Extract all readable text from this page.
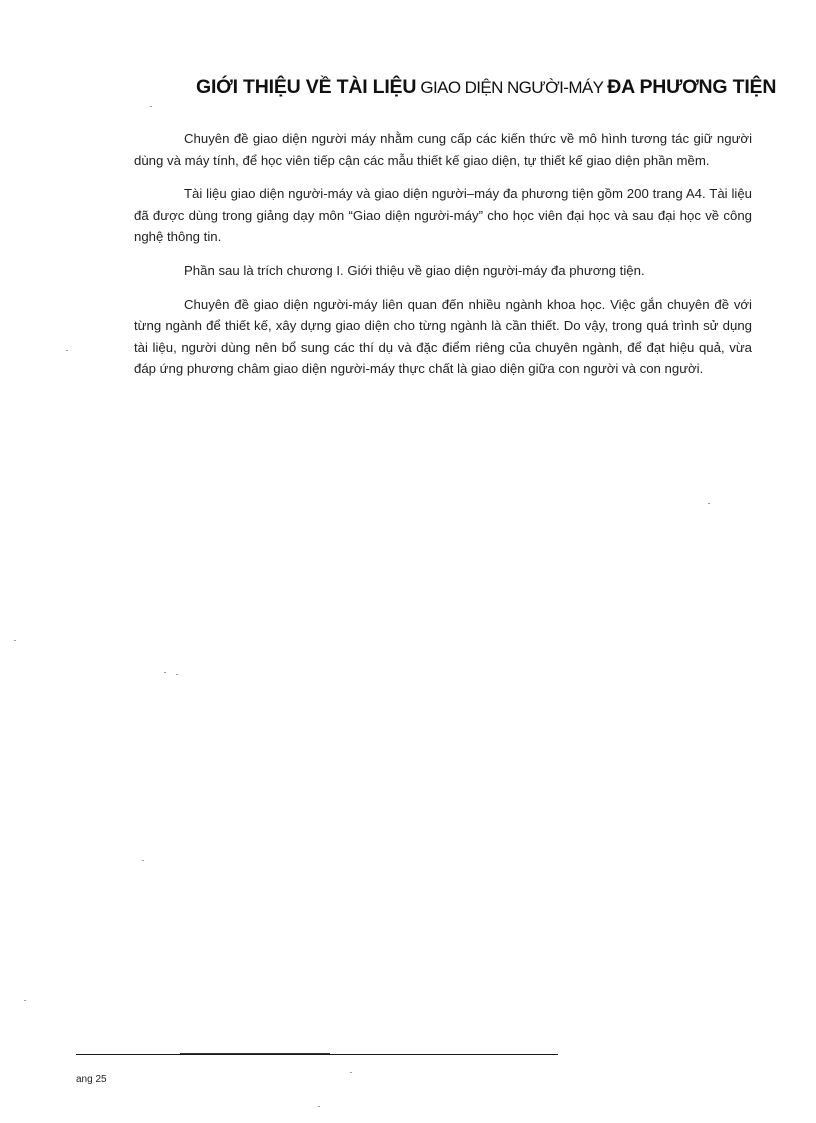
GIỚI THIỆU VỀ TÀI LIỆU GIAO DIỆN NGƯỜI-MÁY ĐA PHƯƠNG TIỆN

Chuyên đề giao diện người máy nhằm cung cấp các kiến thức về mô hình tương tác giữ người dùng và máy tính, để học viên tiếp cận các mẫu thiết kế giao diện, tự thiết kế giao diện phần mềm.

Tài liệu giao diện người-máy và giao diện người–máy đa phương tiện gồm 200 trang A4. Tài liệu đã được dùng trong giảng dạy môn “Giao diện người-máy” cho học viên đại học và sau đại học về công nghệ thông tin.

Phần sau là trích chương I. Giới thiệu về giao diện người-máy đa phương tiện.

Chuyên đề giao diện người-máy liên quan đến nhiều ngành khoa học. Việc gắn chuyên đề với từng ngành để thiết kế, xây dựng giao diện cho từng ngành là cần thiết. Do vậy, trong quá trình sử dụng tài liệu, người dùng nên bổ sung các thí dụ và đặc điểm riêng của chuyên ngành, để đạt hiệu quả, vừa đáp ứng phương châm giao diện người-máy thực chất là giao diện giữa con người và con người.

ang 25
